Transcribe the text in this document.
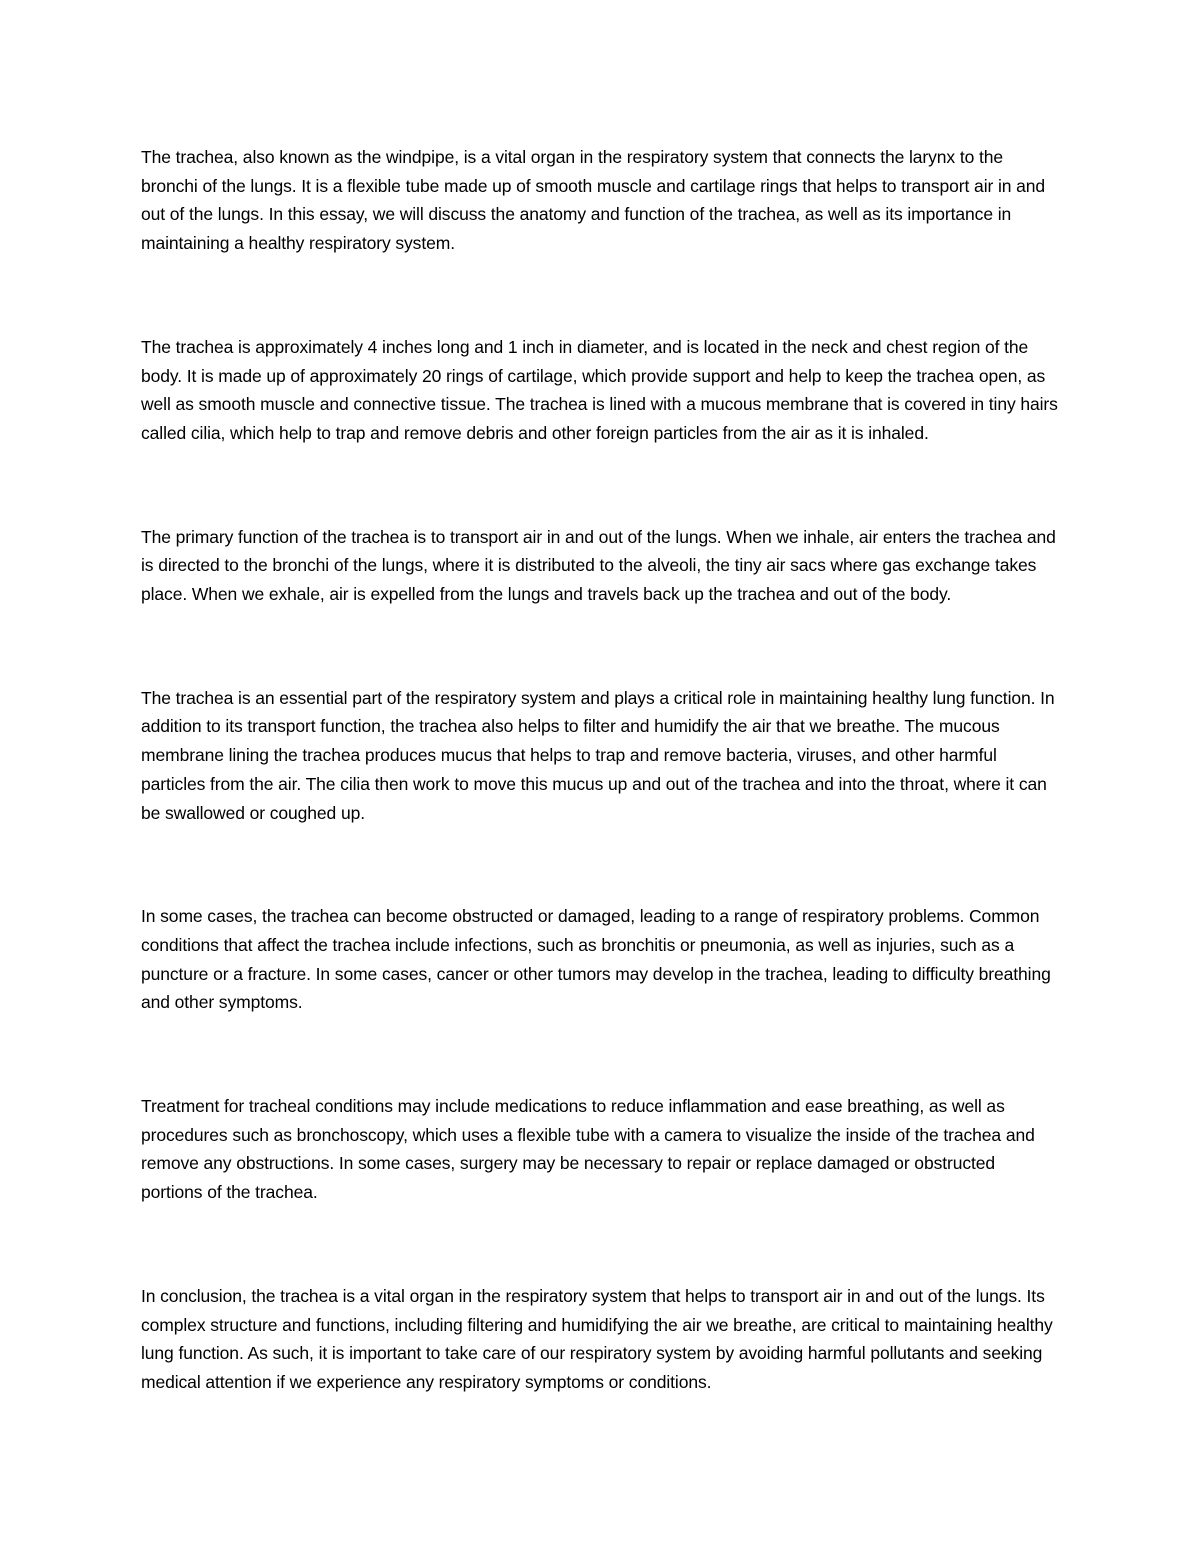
The trachea, also known as the windpipe, is a vital organ in the respiratory system that connects the larynx to the bronchi of the lungs. It is a flexible tube made up of smooth muscle and cartilage rings that helps to transport air in and out of the lungs. In this essay, we will discuss the anatomy and function of the trachea, as well as its importance in maintaining a healthy respiratory system.

The trachea is approximately 4 inches long and 1 inch in diameter, and is located in the neck and chest region of the body. It is made up of approximately 20 rings of cartilage, which provide support and help to keep the trachea open, as well as smooth muscle and connective tissue. The trachea is lined with a mucous membrane that is covered in tiny hairs called cilia, which help to trap and remove debris and other foreign particles from the air as it is inhaled.

The primary function of the trachea is to transport air in and out of the lungs. When we inhale, air enters the trachea and is directed to the bronchi of the lungs, where it is distributed to the alveoli, the tiny air sacs where gas exchange takes place. When we exhale, air is expelled from the lungs and travels back up the trachea and out of the body.

The trachea is an essential part of the respiratory system and plays a critical role in maintaining healthy lung function. In addition to its transport function, the trachea also helps to filter and humidify the air that we breathe. The mucous membrane lining the trachea produces mucus that helps to trap and remove bacteria, viruses, and other harmful particles from the air. The cilia then work to move this mucus up and out of the trachea and into the throat, where it can be swallowed or coughed up.

In some cases, the trachea can become obstructed or damaged, leading to a range of respiratory problems. Common conditions that affect the trachea include infections, such as bronchitis or pneumonia, as well as injuries, such as a puncture or a fracture. In some cases, cancer or other tumors may develop in the trachea, leading to difficulty breathing and other symptoms.

Treatment for tracheal conditions may include medications to reduce inflammation and ease breathing, as well as procedures such as bronchoscopy, which uses a flexible tube with a camera to visualize the inside of the trachea and remove any obstructions. In some cases, surgery may be necessary to repair or replace damaged or obstructed portions of the trachea.

In conclusion, the trachea is a vital organ in the respiratory system that helps to transport air in and out of the lungs. Its complex structure and functions, including filtering and humidifying the air we breathe, are critical to maintaining healthy lung function. As such, it is important to take care of our respiratory system by avoiding harmful pollutants and seeking medical attention if we experience any respiratory symptoms or conditions.
